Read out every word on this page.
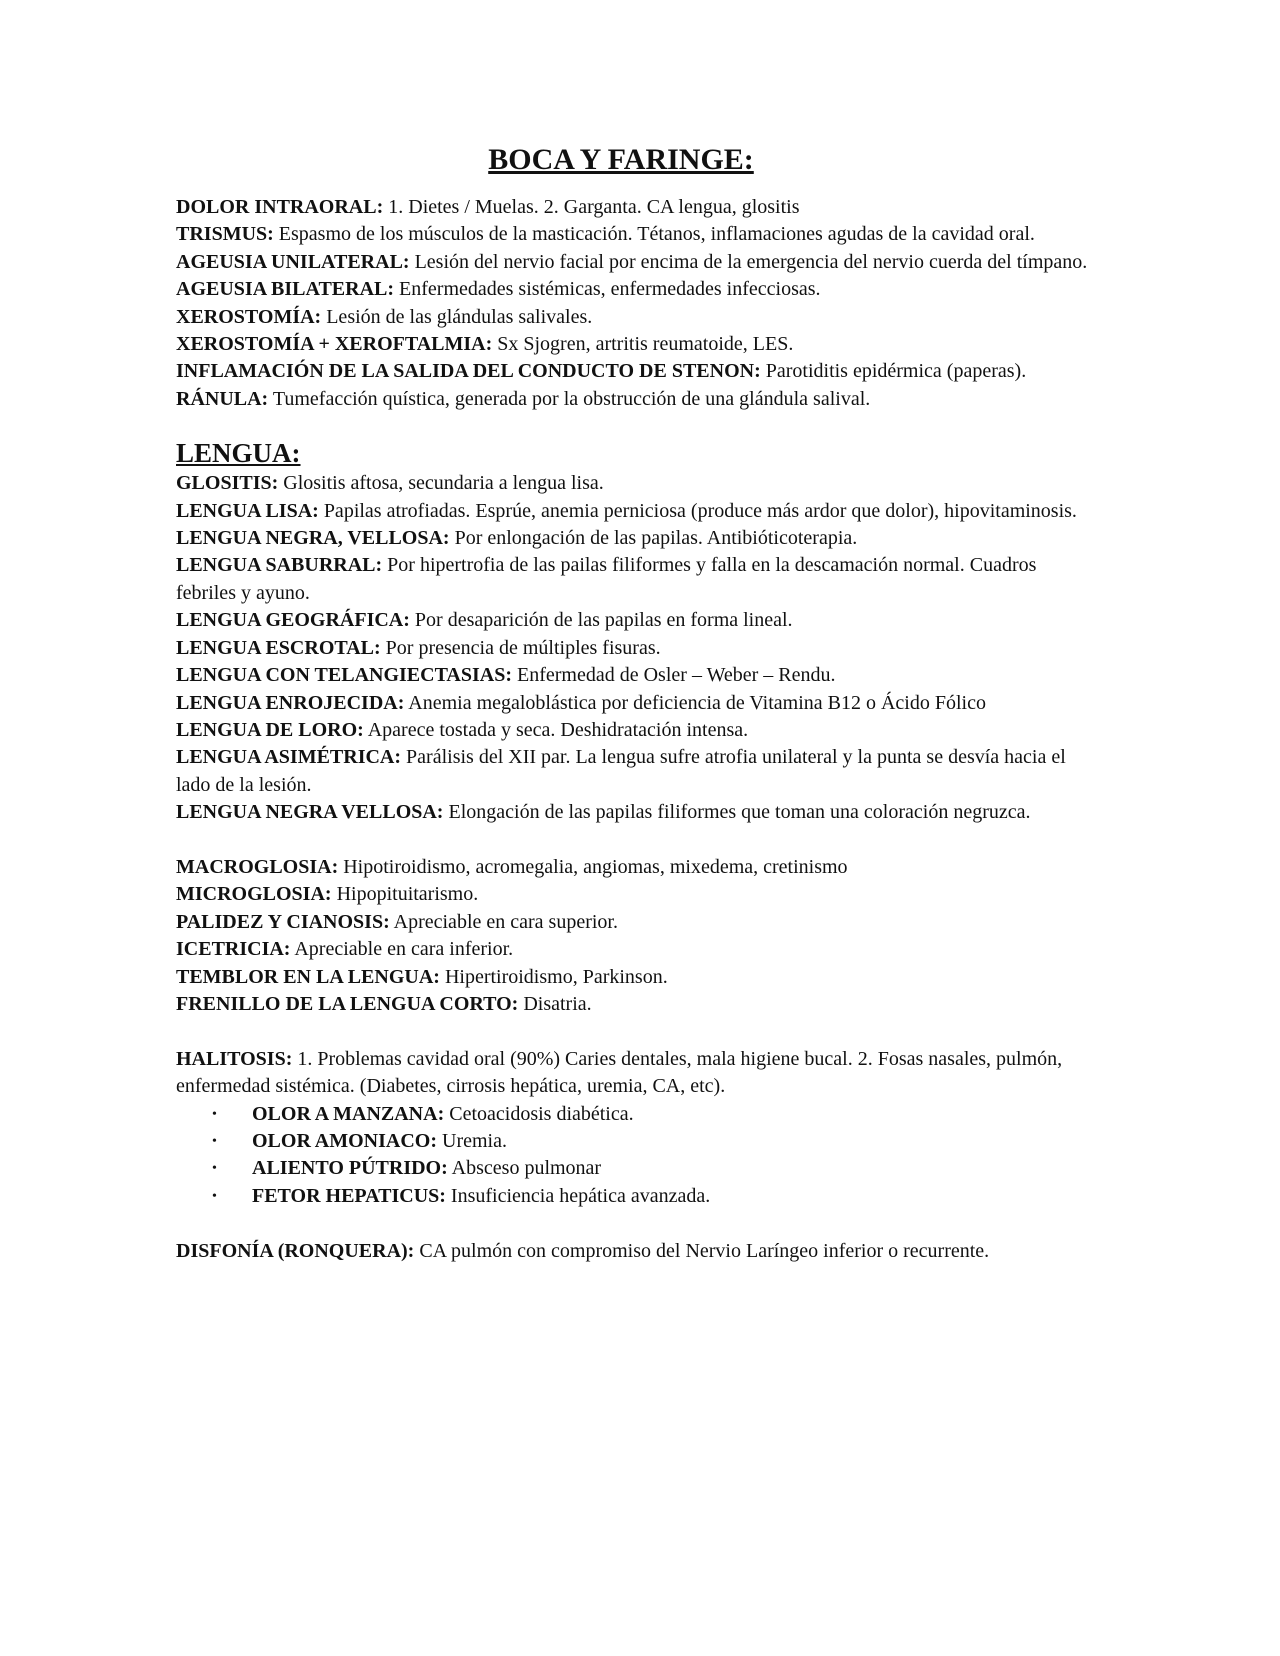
BOCA Y FARINGE:

DOLOR INTRAORAL: 1. Dietes / Muelas. 2. Garganta. CA lengua, glositis

TRISMUS: Espasmo de los músculos de la masticación. Tétanos, inflamaciones agudas de la cavidad oral.

AGEUSIA UNILATERAL: Lesión del nervio facial por encima de la emergencia del nervio cuerda del tímpano.

AGEUSIA BILATERAL: Enfermedades sistémicas, enfermedades infecciosas.

XEROSTOMÍA: Lesión de las glándulas salivales.

XEROSTOMÍA + XEROFTALMIA: Sx Sjogren, artritis reumatoide, LES.

INFLAMACIÓN DE LA SALIDA DEL CONDUCTO DE STENON: Parotiditis epidérmica (paperas).

RÁNULA: Tumefacción quística, generada por la obstrucción de una glándula salival.

LENGUA:

GLOSITIS: Glositis aftosa, secundaria a lengua lisa.

LENGUA LISA: Papilas atrofiadas. Esprúe, anemia perniciosa (produce más ardor que dolor), hipovitaminosis.

LENGUA NEGRA, VELLOSA: Por enlongación de las papilas. Antibióticoterapia.

LENGUA SABURRAL: Por hipertrofia de las pailas filiformes y falla en la descamación normal. Cuadros febriles y ayuno.

LENGUA GEOGRÁFICA: Por desaparición de las papilas en forma lineal.

LENGUA ESCROTAL: Por presencia de múltiples fisuras.

LENGUA CON TELANGIECTASIAS: Enfermedad de Osler – Weber – Rendu.

LENGUA ENROJECIDA: Anemia megaloblástica por deficiencia de Vitamina B12 o Ácido Fólico

LENGUA DE LORO: Aparece tostada y seca. Deshidratación intensa.

LENGUA ASIMÉTRICA: Parálisis del XII par. La lengua sufre atrofia unilateral y la punta se desvía hacia el lado de la lesión.

LENGUA NEGRA VELLOSA: Elongación de las papilas filiformes que toman una coloración negruzca.

MACROGLOSIA: Hipotiroidismo, acromegalia, angiomas, mixedema, cretinismo

MICROGLOSIA: Hipopituitarismo.

PALIDEZ Y CIANOSIS: Apreciable en cara superior.

ICETRICIA: Apreciable en cara inferior.

TEMBLOR EN LA LENGUA: Hipertiroidismo, Parkinson.

FRENILLO DE LA LENGUA CORTO: Disatria.

HALITOSIS: 1. Problemas cavidad oral (90%) Caries dentales, mala higiene bucal. 2. Fosas nasales, pulmón, enfermedad sistémica. (Diabetes, cirrosis hepática, uremia, CA, etc).

• OLOR A MANZANA: Cetoacidosis diabética.
• OLOR AMONIACO: Uremia.
• ALIENTO PÚTRIDO: Absceso pulmonar
• FETOR HEPATICUS: Insuficiencia hepática avanzada.

DISFONÍA (RONQUERA): CA pulmón con compromiso del Nervio Laríngeo inferior o recurrente.
